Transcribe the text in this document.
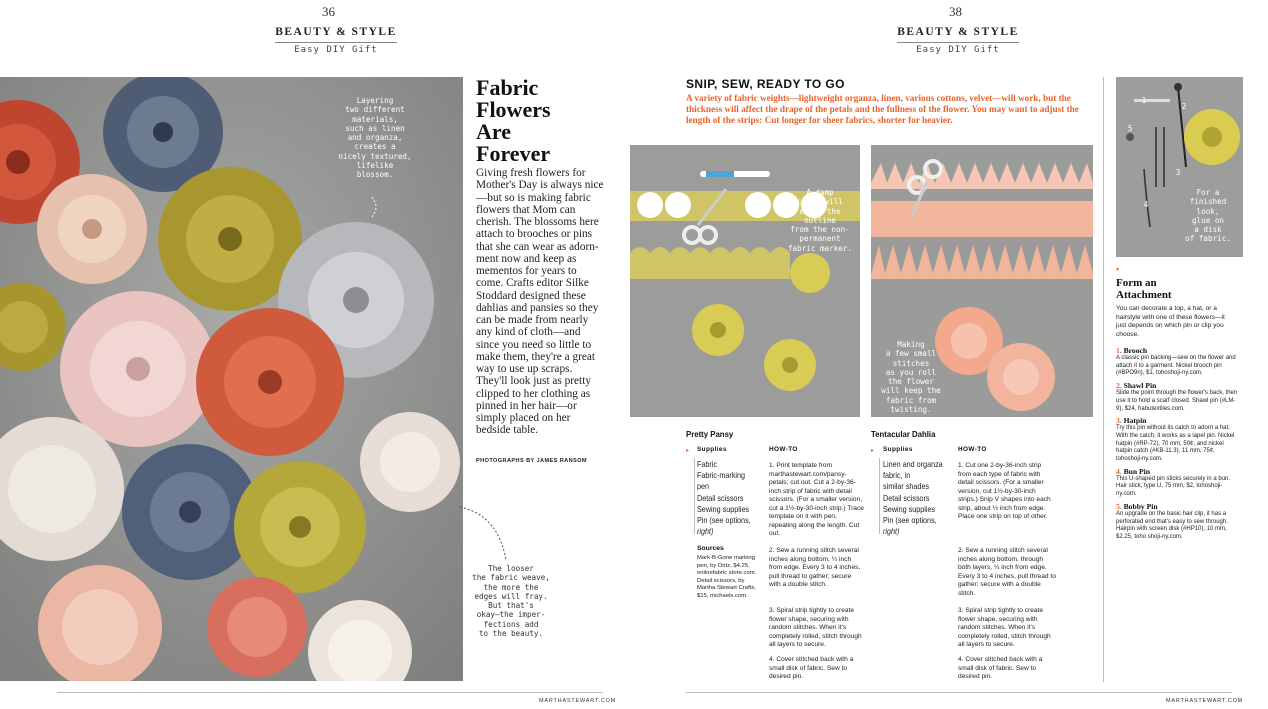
36
BEAUTY & STYLE
Easy DIY Gift
Layering
two different
materials,
such as linen
and organza,
creates a
nicely textured,
lifelike
blossom.
The looser
the fabric weave,
the more the
edges will fray.
But that's
okay—the imper-
fections add
to the beauty.
Fabric
Flowers
Are
Forever
Giving fresh flowers for Mother's Day is always nice—but so is making fabric flowers that Mom can cherish. The blossoms here attach to brooches or pins that she can wear as adorn-ment now and keep as mementos for years to come. Crafts editor Silke Stoddard designed these dahlias and pansies so they can be made from nearly any kind of cloth—and since you need so little to make them, they're a great way to use up scraps. They'll look just as pretty clipped to her clothing as pinned in her hair—or simply placed on her bedside table.
PHOTOGRAPHS BY JAMES RANSOM
MARTHASTEWART.COM
38
BEAUTY & STYLE
Easy DIY Gift
SNIP, SEW, READY TO GO
A variety of fabric weights—lightweight organza, linen, various cottons, velvet—will work, but the thickness will affect the drape of the petals and the fullness of the flower. You may want to adjust the length of the strips: Cut longer for sheer fabrics, shorter for heavier.
A damp
cloth will
erase the
outline
from the non-
permanent
fabric marker.
Making
a few small
stitches
as you roll
the flower
will keep the
fabric from
twisting.
For a
finished
look,
glue on
a disk
of fabric.
1
2
3
4
5
Pretty Pansy
▸ Supplies
Fabric
Fabric-marking
pen
Detail scissors
Sewing supplies
Pin (see options,
right)
Sources
Mark-B-Gone marking pen, by Dritz, $4.25, onlinefabric store.com. Detail scissors, by Martha Stewart Crafts, $15, michaels.com.
HOW-TO
1. Print template from marthastewart.com/pansy-petals; cut out. Cut a 2-by-36-inch strip of fabric with detail scissors. (For a smaller version, cut a 1½-by-30-inch strip.) Trace template on it with pen, repeating along the length. Cut out.
2. Sew a running stitch several inches along bottom, ¼ inch from edge. Every 3 to 4 inches, pull thread to gather; secure with a double stitch.
3. Spiral strip tightly to create flower shape, securing with random stitches. When it's completely rolled, stitch through all layers to secure.
4. Cover stitched back with a small disk of fabric. Sew to desired pin.
Tentacular Dahlia
▸ Supplies
Linen and organza
fabric, in
similar shades
Detail scissors
Sewing supplies
Pin (see options,
right)
HOW-TO
1. Cut one 2-by-36-inch strip from each type of fabric with detail scissors. (For a smaller version, cut 1½-by-30-inch strips.) Snip V shapes into each strip, about ½ inch from edge. Place one strip on top of other.
2. Sew a running stitch several inches along bottom, through both layers, ¼ inch from edge. Every 3 to 4 inches, pull thread to gather; secure with a double stitch.
3. Spiral strip tightly to create flower shape, securing with random stitches. When it's completely rolled, stitch through all layers to secure.
4. Cover stitched back with a small disk of fabric. Sew to desired pin.
▾
Form an Attachment
You can decorate a top, a hat, or a hairstyle with one of these flowers—it just depends on which pin or clip you choose.
1. Brooch
A classic pin backing—sew on the flower and attach it to a garment. Nickel brooch pin (#BPO9n), $1, tohoshoji-ny.com.
2. Shawl Pin
Slide the point through the flower's back, then use it to hold a scarf closed. Shawl pin (#LM-9), $24, habutextiles.com.
3. Hatpin
Try this pin without its catch to adorn a hat. With the catch, it works as a lapel pin. Nickel hatpin (#RP-72), 70 mm, 50¢; and nickel hatpin catch (#KB-11.3), 11 mm, 75¢, tohoshoji-ny.com.
4. Bun Pin
This U-shaped pin sticks securely in a bun. Hair stick, type U, 75 mm, $2, tohoshoji-ny.com.
5. Bobby Pin
An upgrade on the basic hair clip, it has a perforated end that's easy to sew through. Hairpin with screen disk (#HP10), 10 mm, $2.25, toho shoji-ny.com.
MARTHASTEWART.COM
